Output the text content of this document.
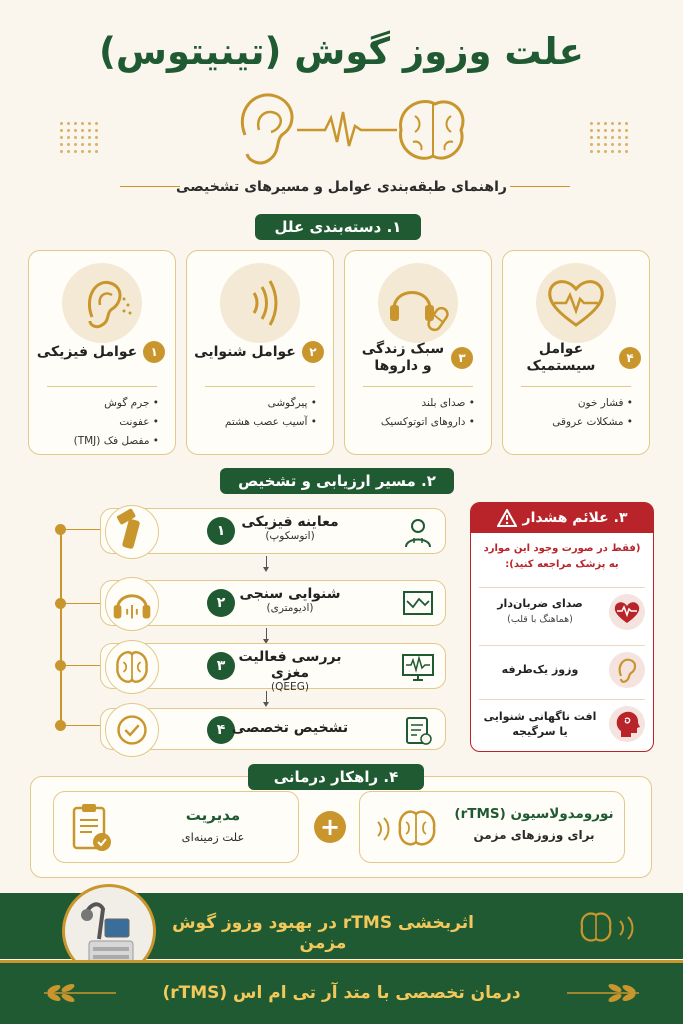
علت وزوز گوش (تینیتوس)
راهنمای طبقه‌بندی عوامل و مسیرهای تشخیصی
۱. دسته‌بندی علل
۱
عوامل فیزیکی
• جرم گوش
• عفونت
• مفصل فک (TMJ)
۲
عوامل شنوایی
• پیرگوشی
• آسیب عصب هشتم
۳
سبک زندگی و داروها
• صدای بلند
• داروهای اتوتوکسیک
۴
عوامل سیستمیک
• فشار خون
• مشکلات عروقی
۲. مسیر ارزیابی و تشخیص
۱
معاینه فیزیکی
(اتوسکوپ)
۲
شنوایی سنجی
(ادیومتری)
۳
بررسی فعالیت مغزی
(QEEG)
۴ تشخیص تخصصی
۳. علائم هشدار
(فقط در صورت وجود این موارد به پزشک مراجعه کنید):
صدای ضربان‌دار
(هماهنگ با قلب)
وزوز یک‌طرفه
افت ناگهانی شنوایی یا سرگیجه
۴. راهکار درمانی
مدیریت
علت زمینه‌ای	+	نورومدولاسیون (rTMS)
برای وزوزهای مزمن
اثربخشی rTMS در بهبود وزوز گوش مزمن
درمان تخصصی با متد آر تی ام اس (rTMS)
